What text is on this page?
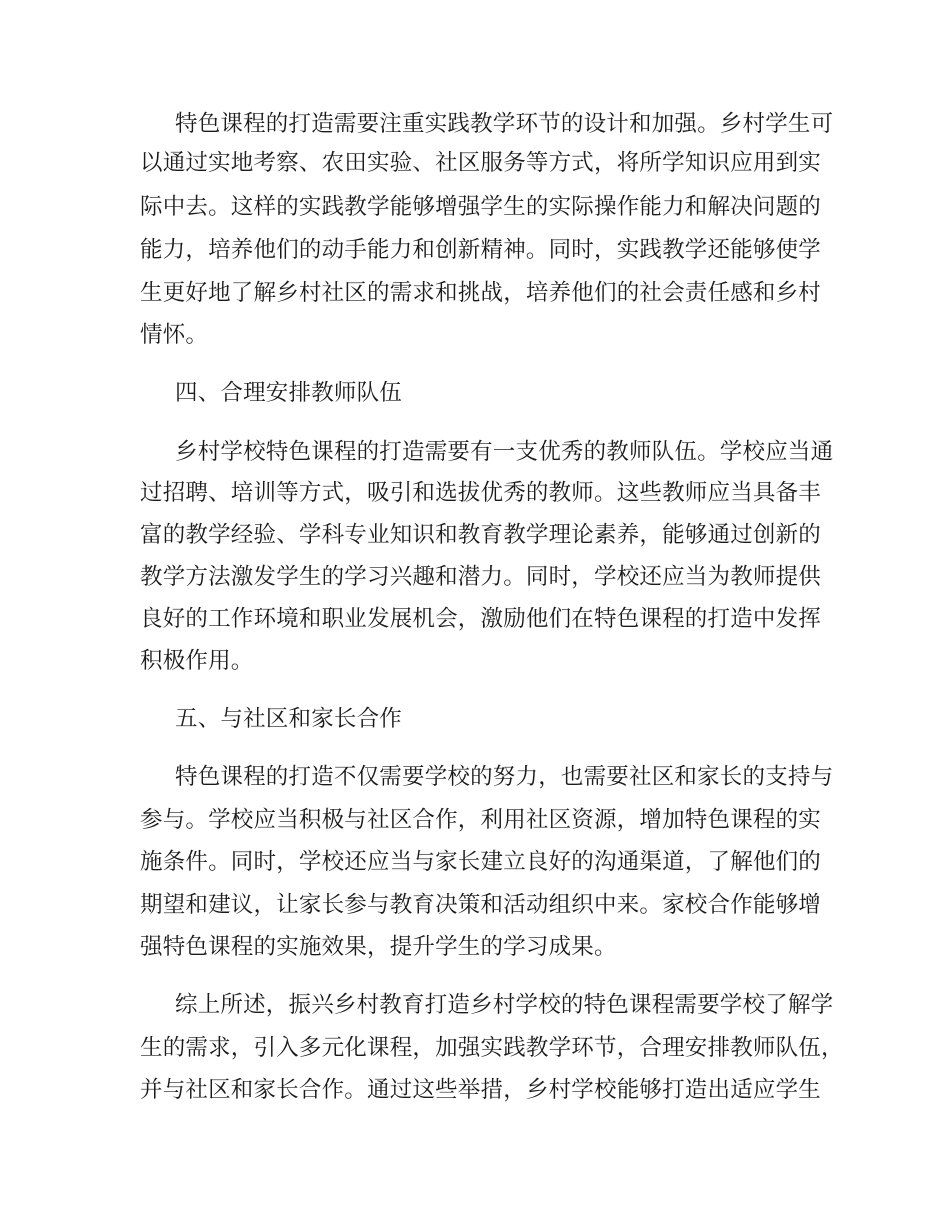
特色课程的打造需要注重实践教学环节的设计和加强。乡村学生可
以通过实地考察、农田实验、社区服务等方式，将所学知识应用到实
际中去。这样的实践教学能够增强学生的实际操作能力和解决问题的
能力，培养他们的动手能力和创新精神。同时，实践教学还能够使学
生更好地了解乡村社区的需求和挑战，培养他们的社会责任感和乡村
情怀。
四、合理安排教师队伍
乡村学校特色课程的打造需要有一支优秀的教师队伍。学校应当通
过招聘、培训等方式，吸引和选拔优秀的教师。这些教师应当具备丰
富的教学经验、学科专业知识和教育教学理论素养，能够通过创新的
教学方法激发学生的学习兴趣和潜力。同时，学校还应当为教师提供
良好的工作环境和职业发展机会，激励他们在特色课程的打造中发挥
积极作用。
五、与社区和家长合作
特色课程的打造不仅需要学校的努力，也需要社区和家长的支持与
参与。学校应当积极与社区合作，利用社区资源，增加特色课程的实
施条件。同时，学校还应当与家长建立良好的沟通渠道，了解他们的
期望和建议，让家长参与教育决策和活动组织中来。家校合作能够增
强特色课程的实施效果，提升学生的学习成果。
综上所述，振兴乡村教育打造乡村学校的特色课程需要学校了解学
生的需求，引入多元化课程，加强实践教学环节，合理安排教师队伍，
并与社区和家长合作。通过这些举措，乡村学校能够打造出适应学生
